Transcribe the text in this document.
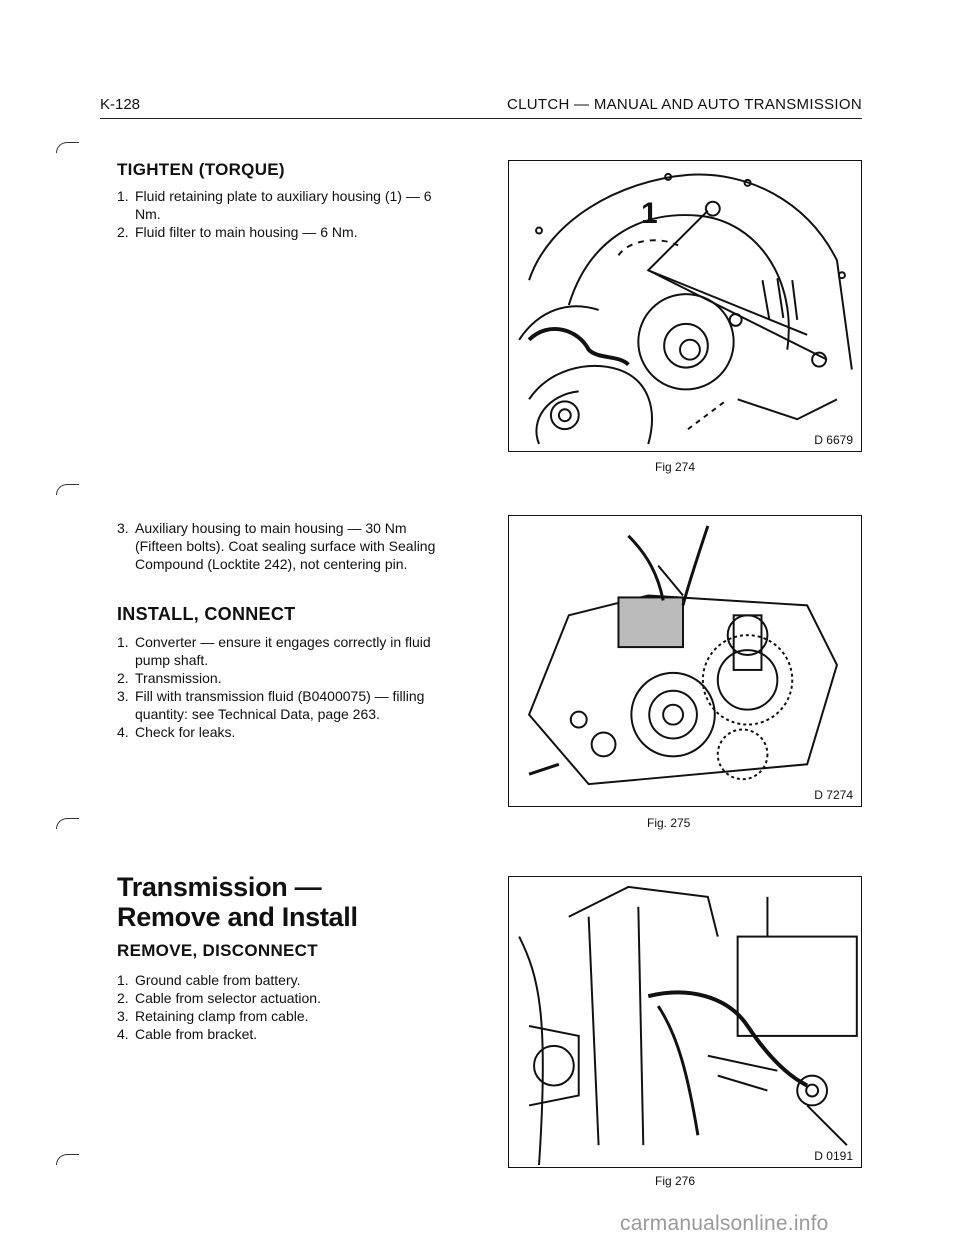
K-128	CLUTCH — MANUAL AND AUTO TRANSMISSION
TIGHTEN (TORQUE)
1. Fluid retaining plate to auxiliary housing (1) — 6 Nm.
2. Fluid filter to main housing — 6 Nm.
3. Auxiliary housing to main housing — 30 Nm (Fifteen bolts). Coat sealing surface with Sealing Compound (Locktite 242), not centering pin.
INSTALL, CONNECT
1. Converter — ensure it engages correctly in fluid pump shaft.
2. Transmission.
3. Fill with transmission fluid (B0400075) — filling quantity: see Technical Data, page 263.
4. Check for leaks.
Transmission —
Remove and Install
REMOVE, DISCONNECT
1. Ground cable from battery.
2. Cable from selector actuation.
3. Retaining clamp from cable.
4. Cable from bracket.
1
D 6679
Fig 274
D 7274
Fig. 275
D 0191
Fig 276
carmanualsonline.info
